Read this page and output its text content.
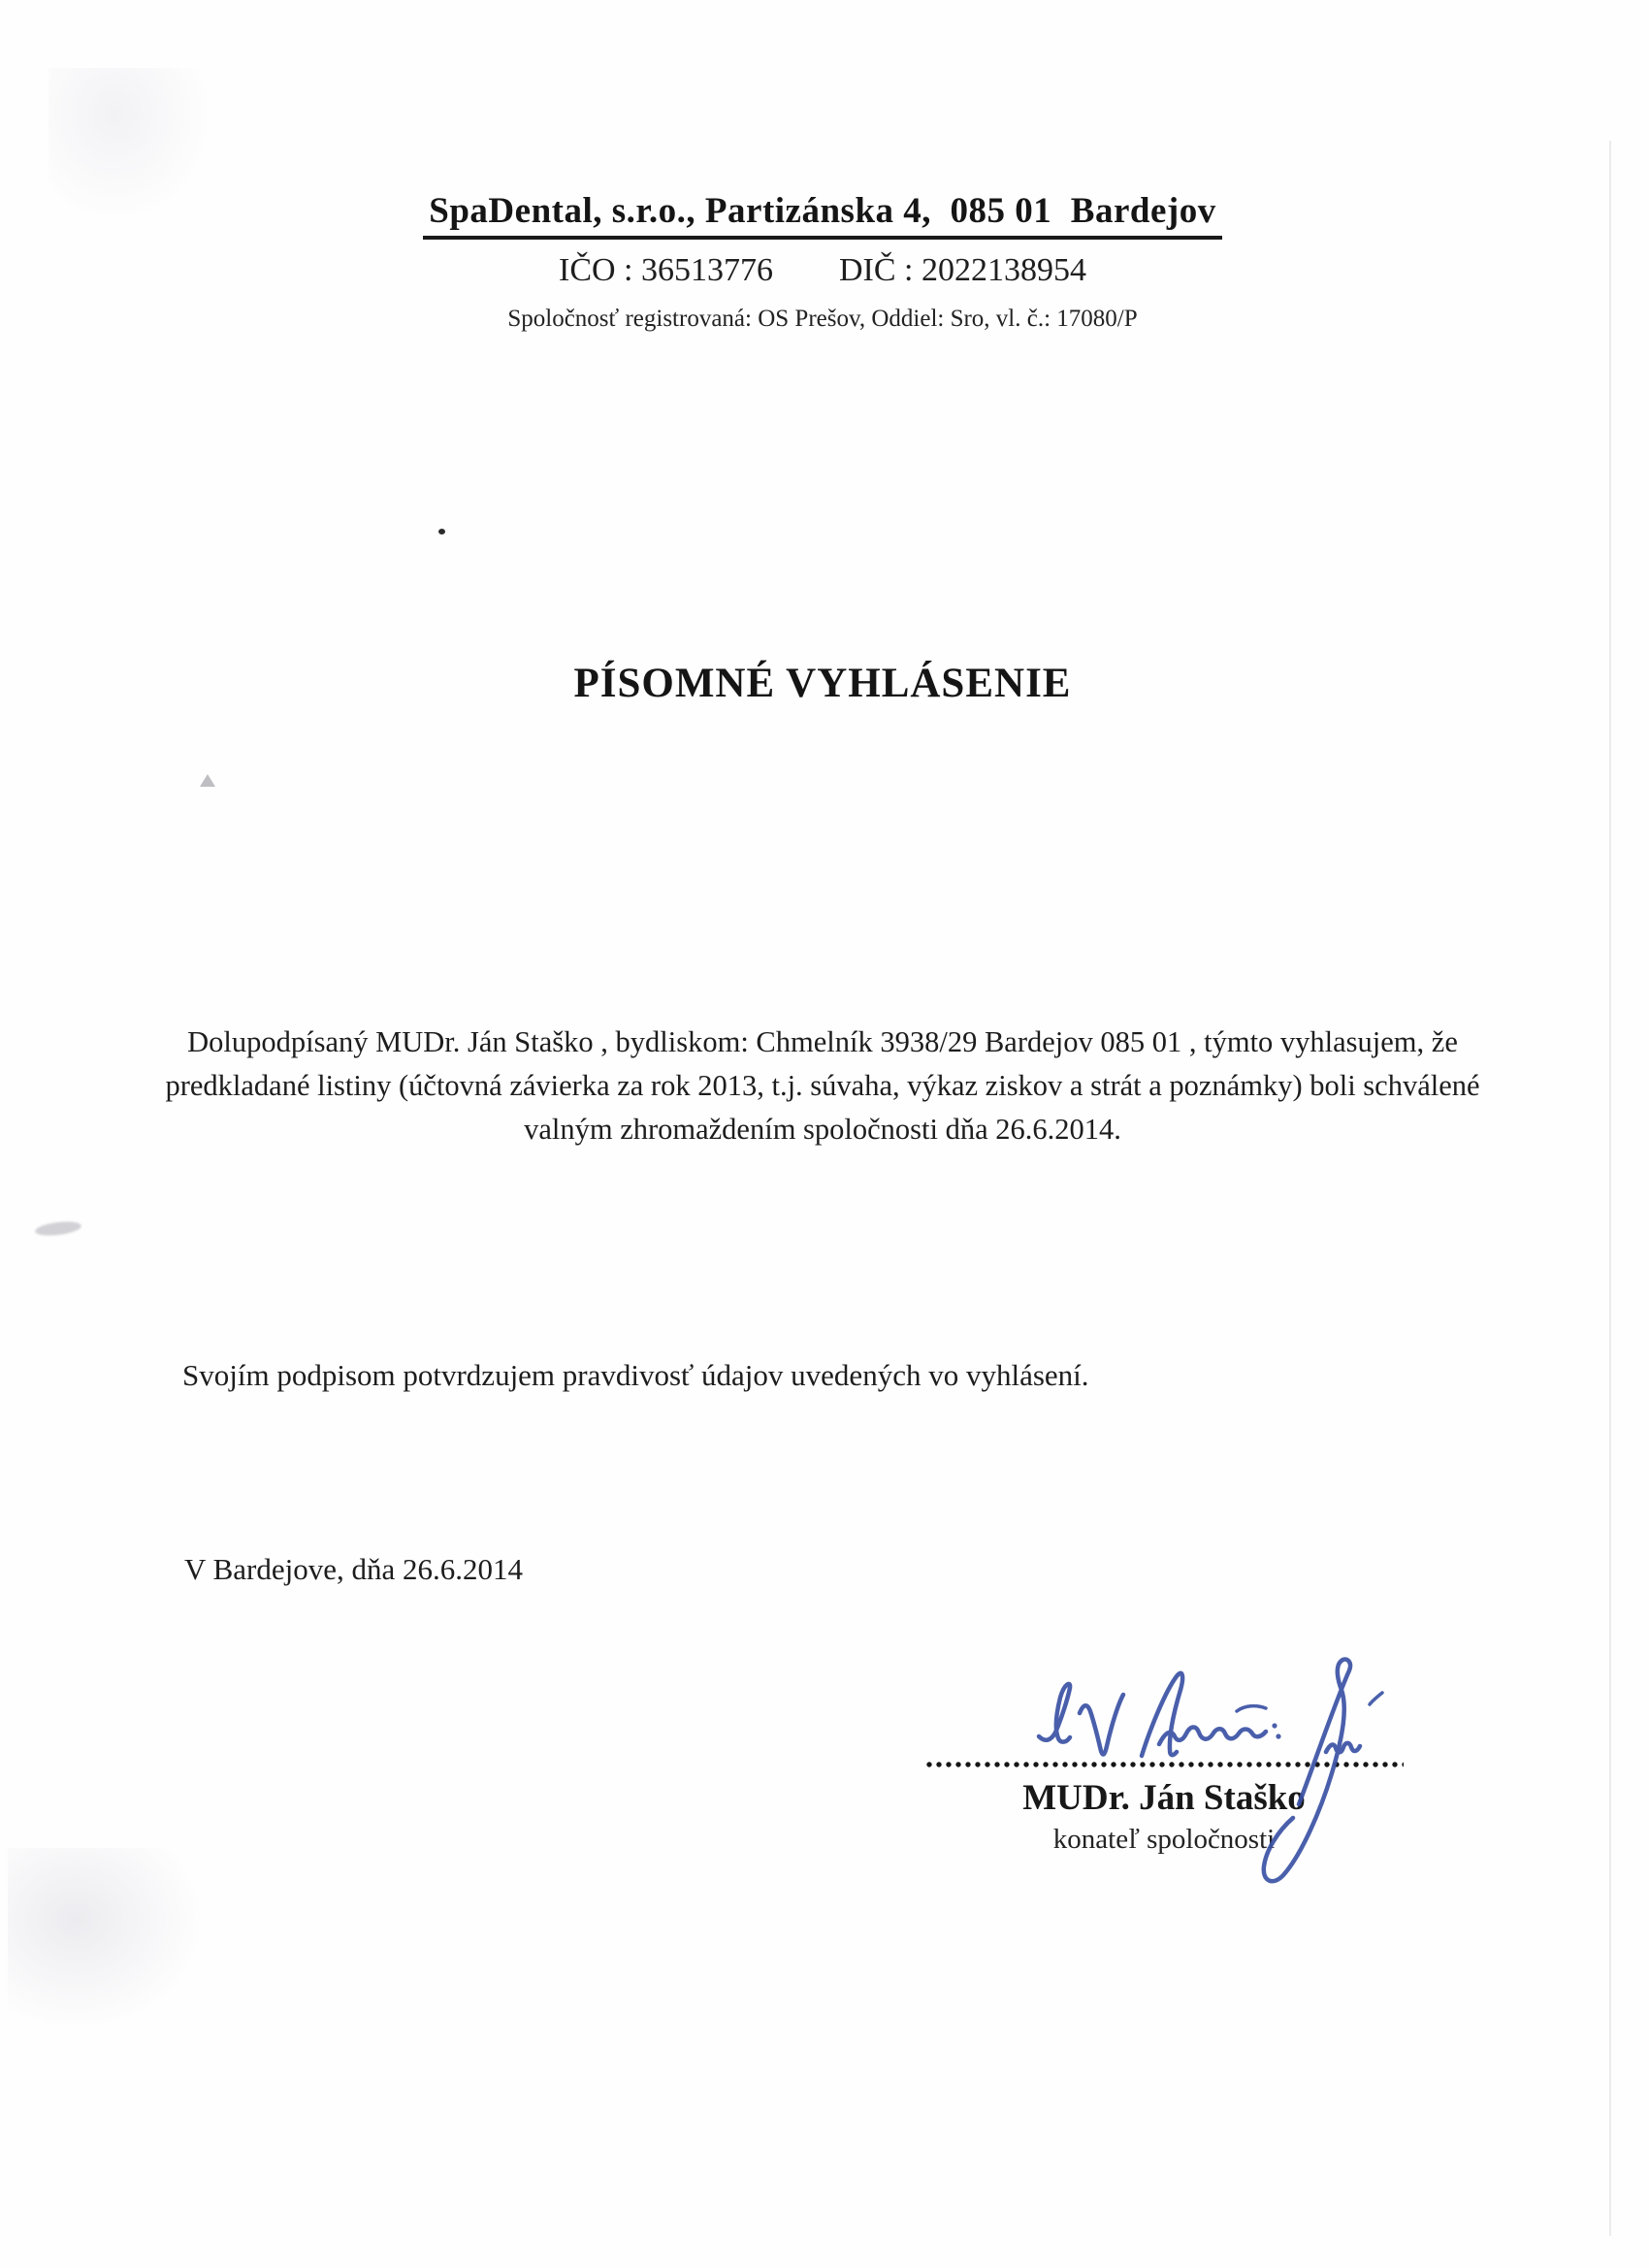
SpaDental, s.r.o., Partizánska 4,  085 01  Bardejov
IČO : 36513776 DIČ : 2022138954
Spoločnosť registrovaná: OS Prešov, Oddiel: Sro, vl. č.: 17080/P
PÍSOMNÉ VYHLÁSENIE
Dolupodpísaný MUDr. Ján Staško , bydliskom: Chmelník 3938/29 Bardejov 085 01 , týmto vyhlasujem, že
predkladané listiny (účtovná závierka za rok 2013, t.j. súvaha, výkaz ziskov a strát a poznámky) boli schválené
valným zhromaždením spoločnosti dňa 26.6.2014.
Svojím podpisom potvrdzujem pravdivosť údajov uvedených vo vyhlásení.
V Bardejove, dňa 26.6.2014
MUDr. Ján Staško
konateľ spoločnosti
